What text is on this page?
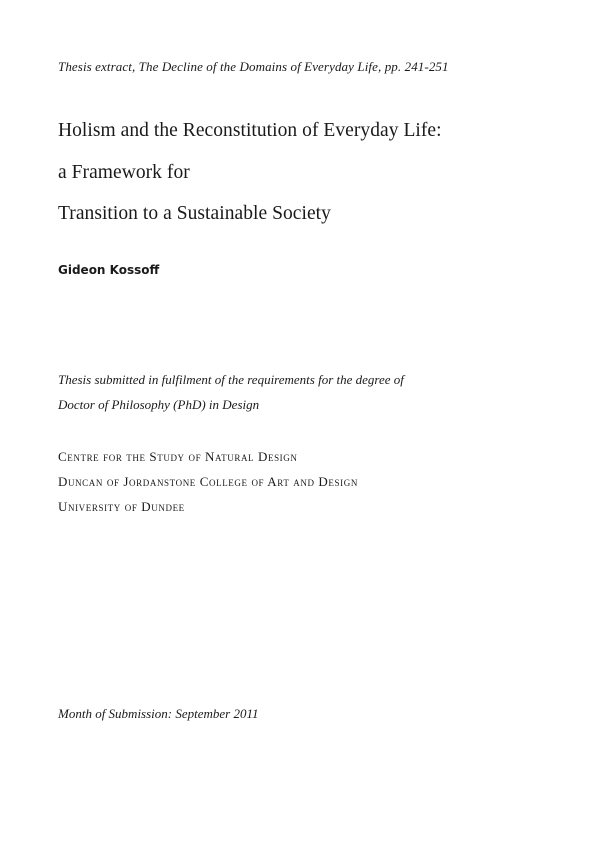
Thesis extract, The Decline of the Domains of Everyday Life, pp. 241-251
Holism and the Reconstitution of Everyday Life:
a Framework for
Transition to a Sustainable Society
Gideon Kossoff
Thesis submitted in fulfilment of the requirements for the degree of
Doctor of Philosophy (PhD) in Design
Centre for the Study of Natural Design
Duncan of Jordanstone College of Art and Design
University of Dundee
Month of Submission: September 2011
